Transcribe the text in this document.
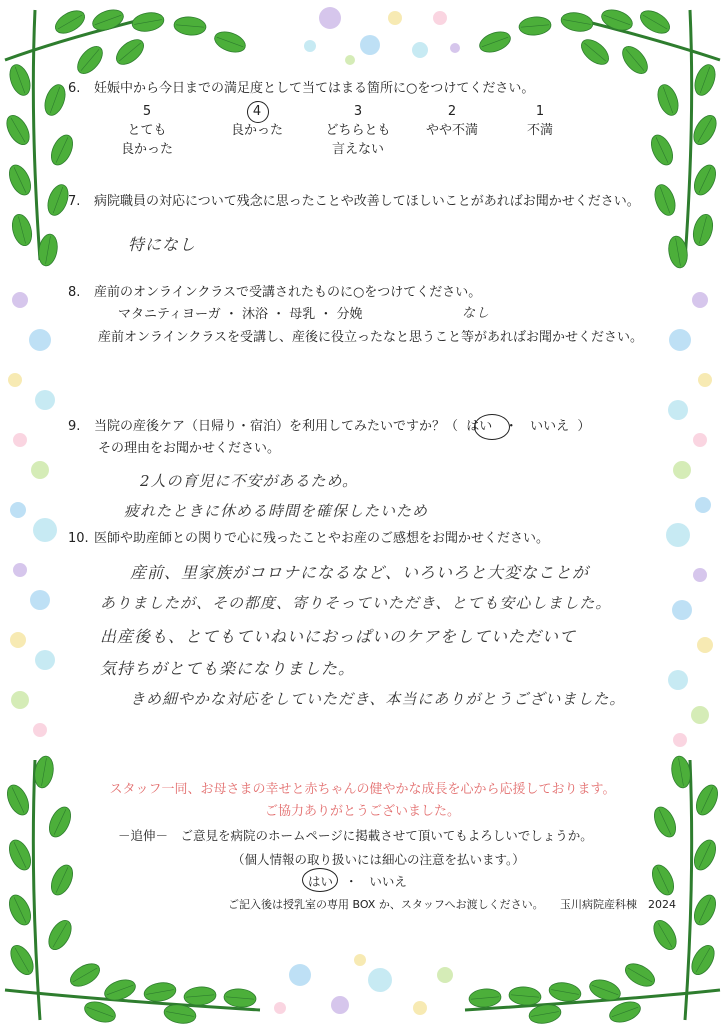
6. 妊娠中から今日までの満足度として当てはまる箇所に○をつけてください。
5
とても
良かった
4
良かった
3
どちらとも
言えない
2
やや不満
1
不満
7. 病院職員の対応について残念に思ったことや改善してほしいことがあればお聞かせください。
特になし
8. 産前のオンラインクラスで受講されたものに○をつけてください。
マタニティヨーガ ・ 沐浴 ・ 母乳 ・ 分娩	なし
産前オンラインクラスを受講し、産後に役立ったなと思うこと等があればお聞かせください。
9. 当院の産後ケア（日帰り・宿泊）を利用してみたいですか？（ はい ・ いいえ ）
その理由をお聞かせください。
2人の育児に不安があるため。
疲れたときに休める時間を確保したいため
10. 医師や助産師との関りで心に残ったことやお産のご感想をお聞かせください。
産前、里家族がコロナになるなど、いろいろと大変なことが
ありましたが、その都度、寄りそっていただき、とても安心しました。
出産後も、とてもていねいにおっぱいのケアをしていただいて
気持ちがとても楽になりました。
きめ細やかな対応をしていただき、本当にありがとうございました。
スタッフ一同、お母さまの幸せと赤ちゃんの健やかな成長を心から応援しております。
ご協力ありがとうございました。
－追伸－　ご意見を病院のホームページに掲載させて頂いてもよろしいでしょうか。
（個人情報の取り扱いには細心の注意を払います。）
はい ・ いいえ
ご記入後は授乳室の専用 BOX か、スタッフへお渡しください。 玉川病院産科棟　2024
